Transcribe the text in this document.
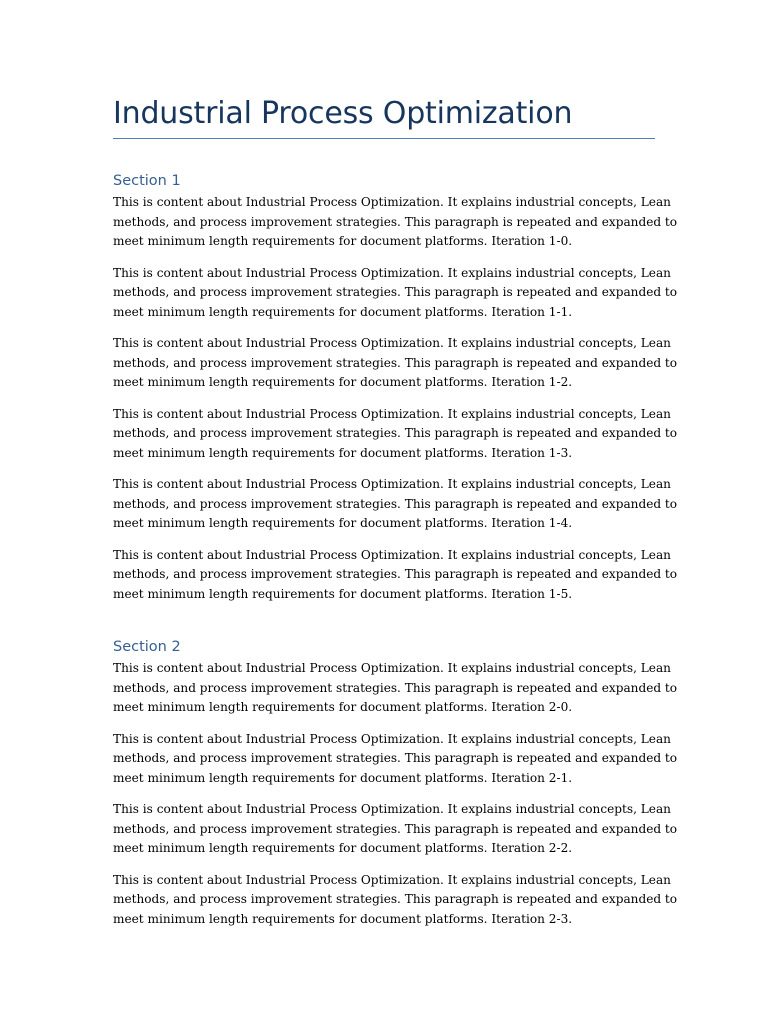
Industrial Process Optimization
Section 1

This is content about Industrial Process Optimization. It explains industrial concepts, Lean
methods, and process improvement strategies. This paragraph is repeated and expanded to
meet minimum length requirements for document platforms. Iteration 1-0.

This is content about Industrial Process Optimization. It explains industrial concepts, Lean
methods, and process improvement strategies. This paragraph is repeated and expanded to
meet minimum length requirements for document platforms. Iteration 1-1.

This is content about Industrial Process Optimization. It explains industrial concepts, Lean
methods, and process improvement strategies. This paragraph is repeated and expanded to
meet minimum length requirements for document platforms. Iteration 1-2.

This is content about Industrial Process Optimization. It explains industrial concepts, Lean
methods, and process improvement strategies. This paragraph is repeated and expanded to
meet minimum length requirements for document platforms. Iteration 1-3.

This is content about Industrial Process Optimization. It explains industrial concepts, Lean
methods, and process improvement strategies. This paragraph is repeated and expanded to
meet minimum length requirements for document platforms. Iteration 1-4.

This is content about Industrial Process Optimization. It explains industrial concepts, Lean
methods, and process improvement strategies. This paragraph is repeated and expanded to
meet minimum length requirements for document platforms. Iteration 1-5.

Section 2

This is content about Industrial Process Optimization. It explains industrial concepts, Lean
methods, and process improvement strategies. This paragraph is repeated and expanded to
meet minimum length requirements for document platforms. Iteration 2-0.

This is content about Industrial Process Optimization. It explains industrial concepts, Lean
methods, and process improvement strategies. This paragraph is repeated and expanded to
meet minimum length requirements for document platforms. Iteration 2-1.

This is content about Industrial Process Optimization. It explains industrial concepts, Lean
methods, and process improvement strategies. This paragraph is repeated and expanded to
meet minimum length requirements for document platforms. Iteration 2-2.

This is content about Industrial Process Optimization. It explains industrial concepts, Lean
methods, and process improvement strategies. This paragraph is repeated and expanded to
meet minimum length requirements for document platforms. Iteration 2-3.
